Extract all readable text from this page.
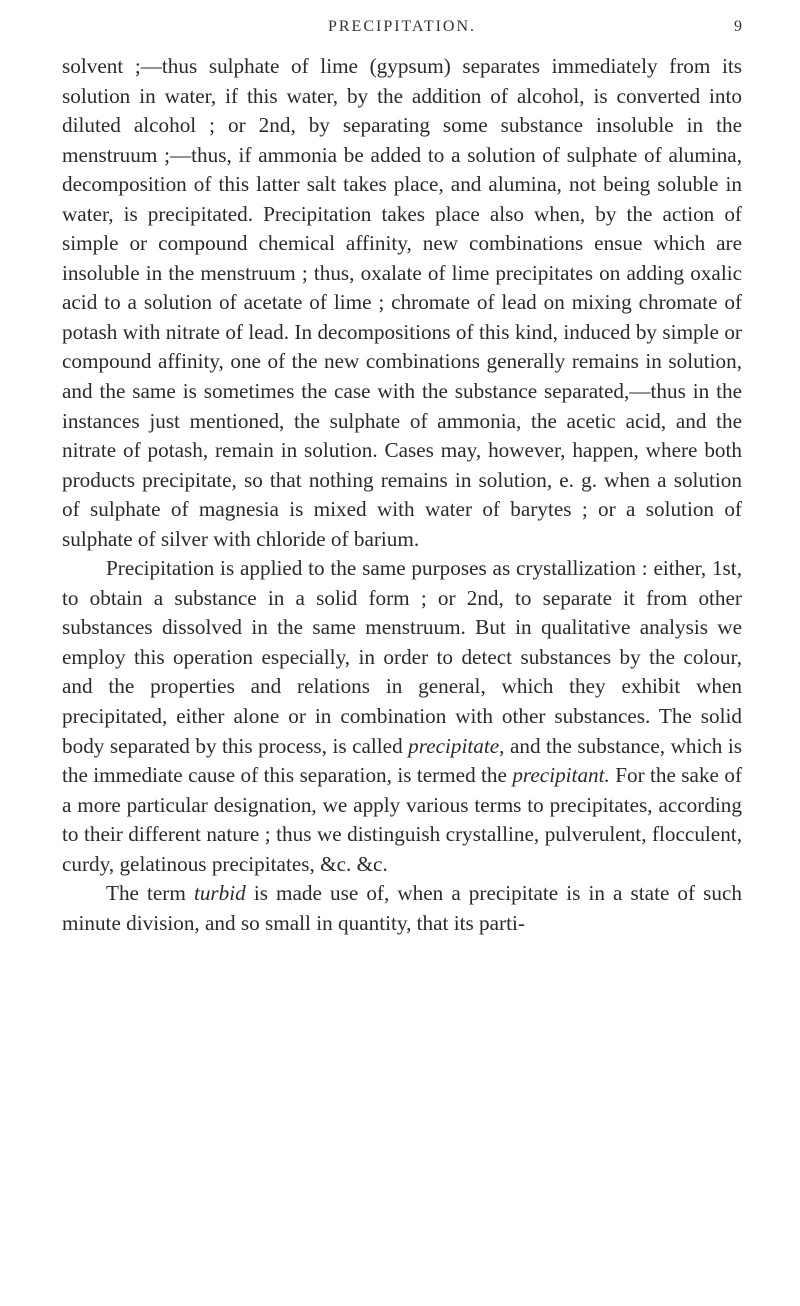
PRECIPITATION.	9

solvent ;—thus sulphate of lime (gypsum) separates immediately from its solution in water, if this water, by the addition of alcohol, is converted into diluted alcohol ; or 2nd, by separating some substance insoluble in the menstruum ;—thus, if ammonia be added to a solution of sulphate of alumina, decomposition of this latter salt takes place, and alumina, not being soluble in water, is precipitated. Precipitation takes place also when, by the action of simple or compound chemical affinity, new combinations ensue which are insoluble in the menstruum ; thus, oxalate of lime precipitates on adding oxalic acid to a solution of acetate of lime ; chromate of lead on mixing chromate of potash with nitrate of lead. In decompositions of this kind, induced by simple or compound affinity, one of the new combinations generally remains in solution, and the same is sometimes the case with the substance separated,—thus in the instances just mentioned, the sulphate of ammonia, the acetic acid, and the nitrate of potash, remain in solution. Cases may, however, happen, where both products precipitate, so that nothing remains in solution, e. g. when a solution of sulphate of magnesia is mixed with water of barytes ; or a solution of sulphate of silver with chloride of barium.

Precipitation is applied to the same purposes as crystallization : either, 1st, to obtain a substance in a solid form ; or 2nd, to separate it from other substances dissolved in the same menstruum. But in qualitative analysis we employ this operation especially, in order to detect substances by the colour, and the properties and relations in general, which they exhibit when precipitated, either alone or in combination with other substances. The solid body separated by this process, is called precipitate, and the substance, which is the immediate cause of this separation, is termed the precipitant. For the sake of a more particular designation, we apply various terms to precipitates, according to their different nature ; thus we distinguish crystalline, pulverulent, flocculent, curdy, gelatinous precipitates, &c. &c.

The term turbid is made use of, when a precipitate is in a state of such minute division, and so small in quantity, that its parti-
